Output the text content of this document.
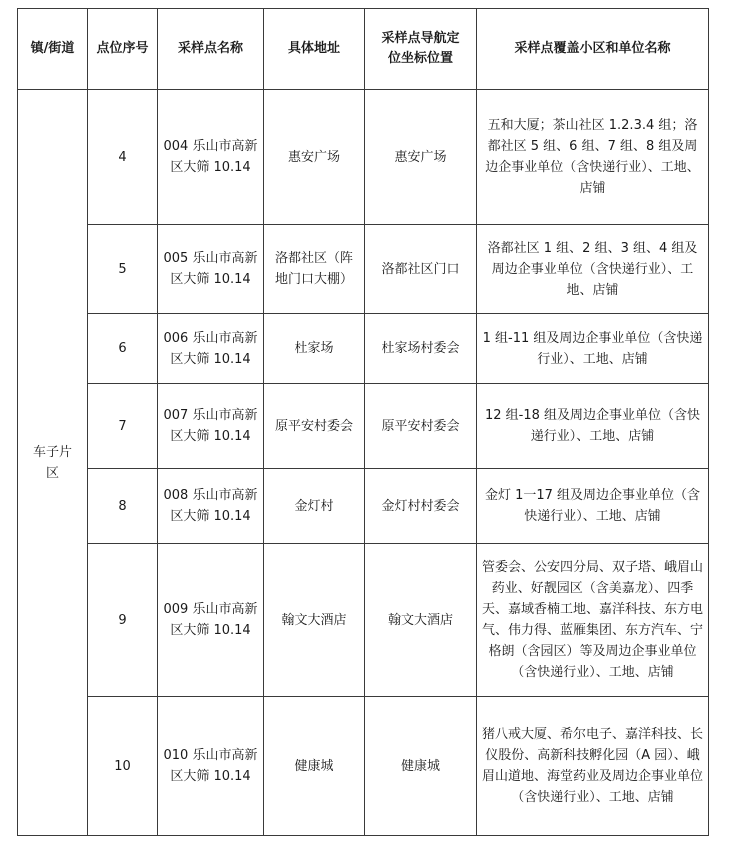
镇/街道	点位序号	采样点名称	具体地址	采样点导航定位坐标位置	采样点覆盖小区和单位名称
车子片区	4	004 乐山市高新区大筛 10.14	惠安广场	惠安广场	五和大厦；茶山社区 1.2.3.4 组；洛都社区 5 组、6 组、7 组、8 组及周边企事业单位（含快递行业）、工地、店铺
	5	005 乐山市高新区大筛 10.14	洛都社区（阵地门口大棚）	洛都社区门口	洛都社区 1 组、2 组、3 组、4 组及周边企事业单位（含快递行业）、工地、店铺
	6	006 乐山市高新区大筛 10.14	杜家场	杜家场村委会	1 组-11 组及周边企事业单位（含快递行业）、工地、店铺
	7	007 乐山市高新区大筛 10.14	原平安村委会	原平安村委会	12 组-18 组及周边企事业单位（含快递行业）、工地、店铺
	8	008 乐山市高新区大筛 10.14	金灯村	金灯村村委会	金灯 1一17 组及周边企事业单位（含快递行业）、工地、店铺
	9	009 乐山市高新区大筛 10.14	翰文大酒店	翰文大酒店	管委会、公安四分局、双子塔、峨眉山药业、好靓园区（含美嘉龙）、四季天、嘉域香楠工地、嘉洋科技、东方电气、伟力得、蓝雁集团、东方汽车、宁格朗（含园区）等及周边企事业单位（含快递行业）、工地、店铺
	10	010 乐山市高新区大筛 10.14	健康城	健康城	猪八戒大厦、希尔电子、嘉洋科技、长仪股份、高新科技孵化园（A 园）、峨眉山道地、海堂药业及周边企事业单位（含快递行业）、工地、店铺
